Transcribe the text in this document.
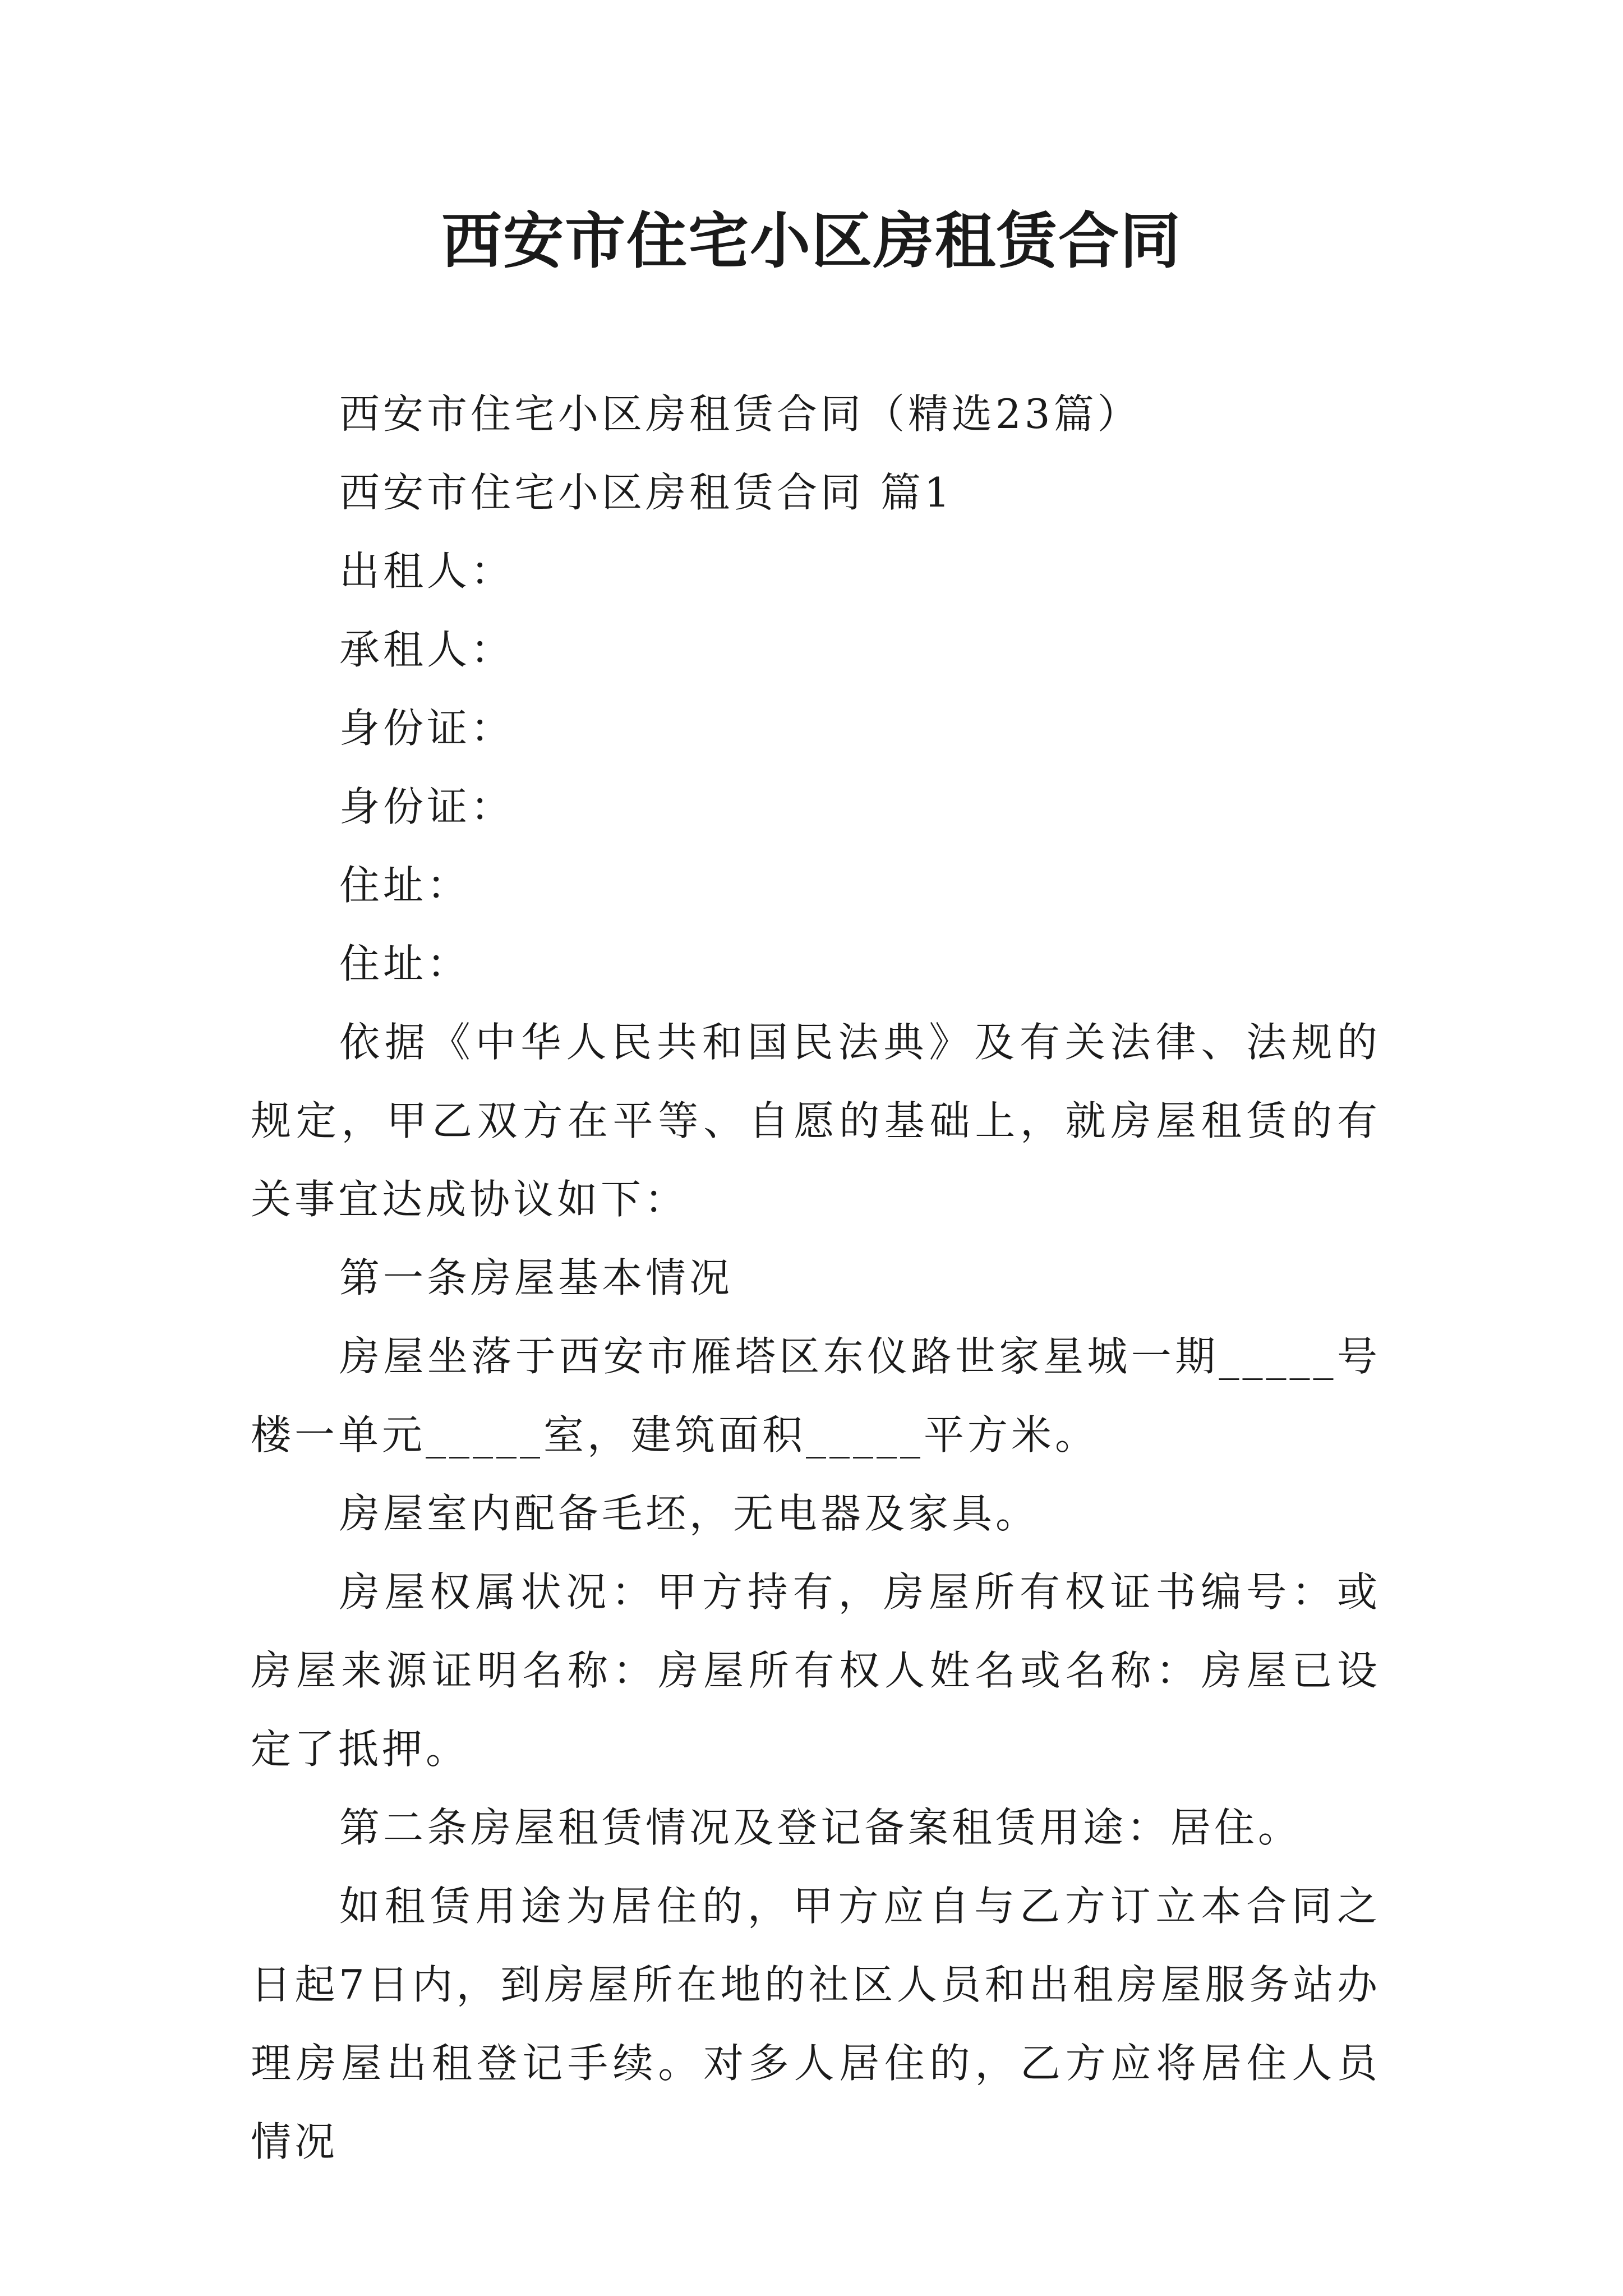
西安市住宅小区房租赁合同

西安市住宅小区房租赁合同（精选23篇）

西安市住宅小区房租赁合同 篇1

出租人：

承租人：

身份证：

身份证：

住址：

住址：

依据《中华人民共和国民法典》及有关法律、法规的规定，甲乙双方在平等、自愿的基础上，就房屋租赁的有关事宜达成协议如下：

第一条房屋基本情况

房屋坐落于西安市雁塔区东仪路世家星城一期_____号楼一单元_____室，建筑面积_____平方米。

房屋室内配备毛坯，无电器及家具。

房屋权属状况：甲方持有，房屋所有权证书编号：或房屋来源证明名称：房屋所有权人姓名或名称：房屋已设定了抵押。

第二条房屋租赁情况及登记备案租赁用途：居住。

如租赁用途为居住的，甲方应自与乙方订立本合同之日起7日内，到房屋所在地的社区人员和出租房屋服务站办理房屋出租登记手续。对多人居住的，乙方应将居住人员情况
